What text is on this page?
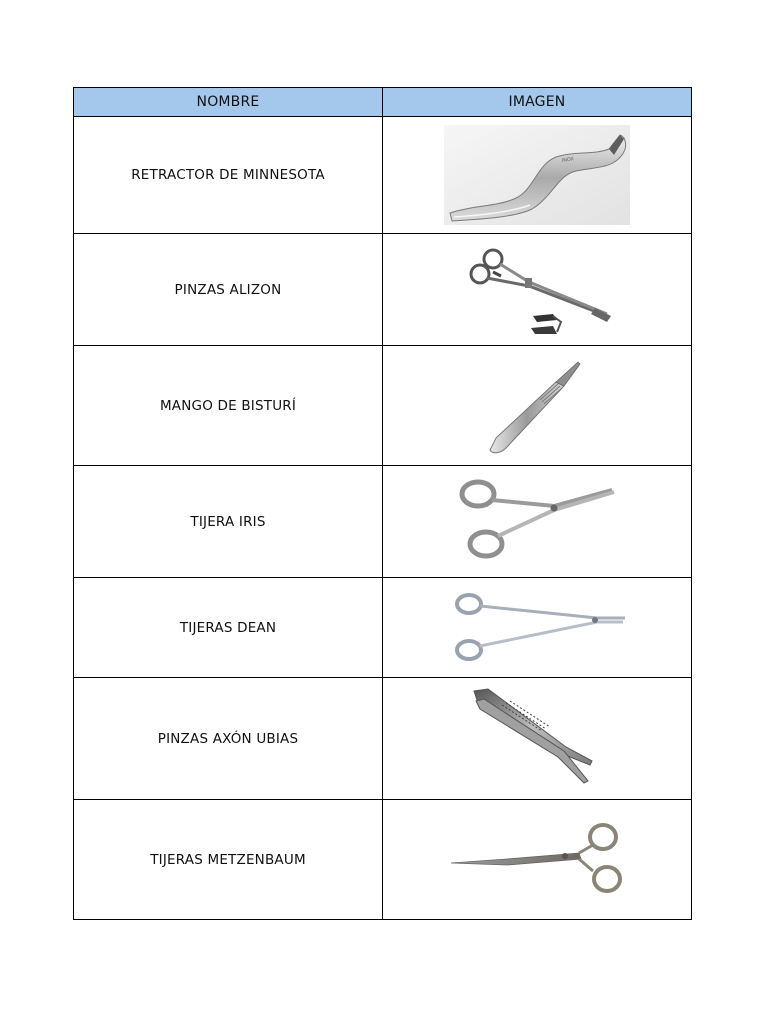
NOMBRE	IMAGEN
RETRACTOR DE MINNESOTA	INOX

PINZAS ALIZON	

MANGO DE BISTURÍ	

TIJERA IRIS	

TIJERAS DEAN	

PINZAS AXÓN UBIAS	

TIJERAS METZENBAUM	
